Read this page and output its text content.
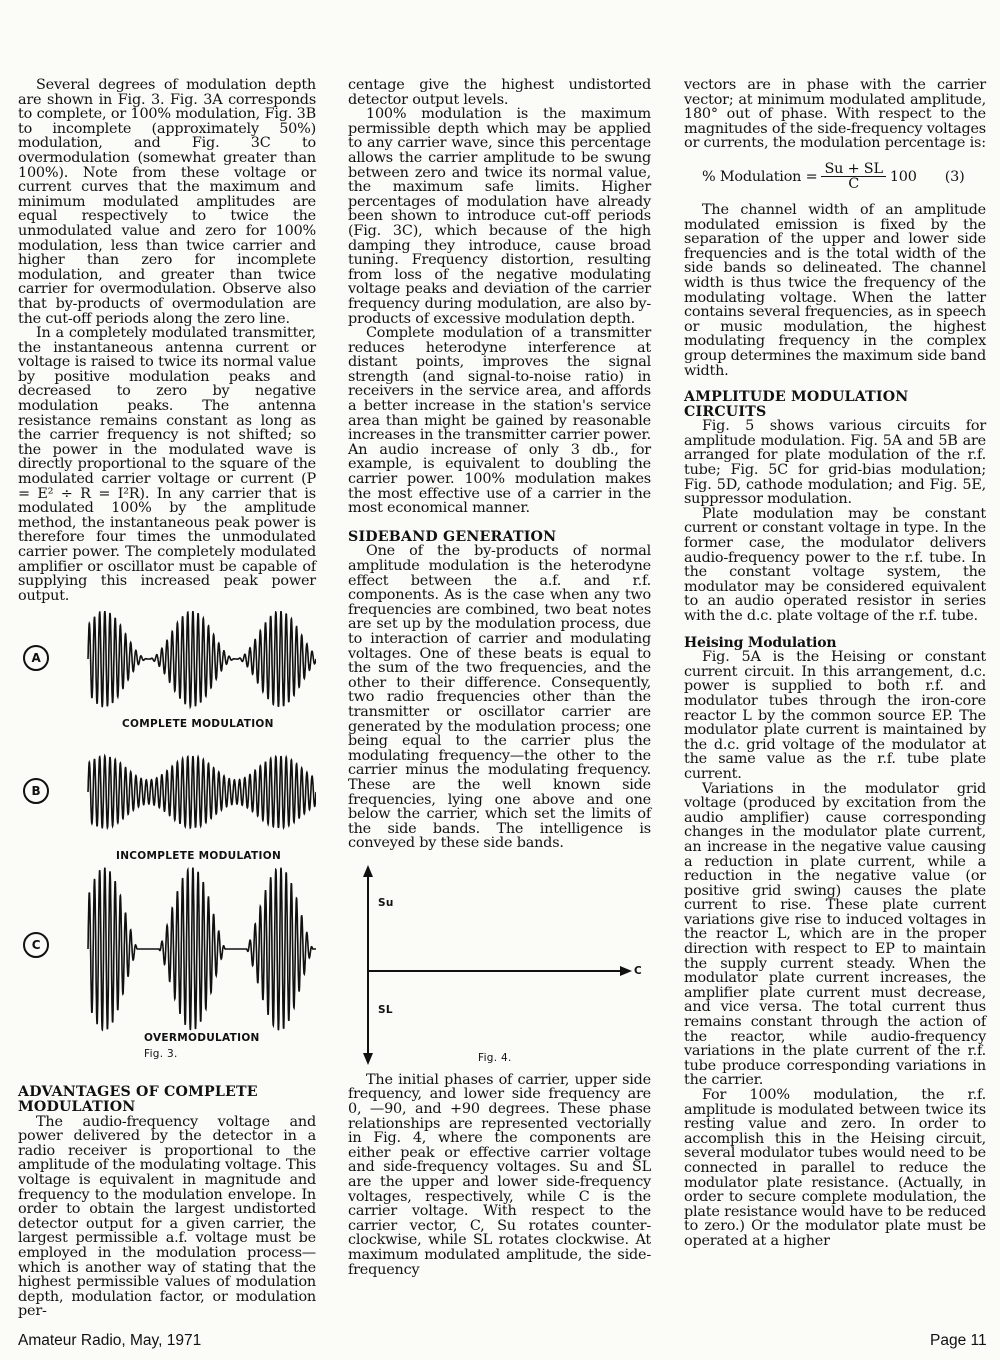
Several degrees of modulation depth are shown in Fig. 3. Fig. 3A corresponds to complete, or 100% modulation, Fig. 3B to incomplete (approximately 50%) modulation, and Fig. 3C to overmodulation (somewhat greater than 100%). Note from these voltage or current curves that the maximum and minimum modulated amplitudes are equal respectively to twice the unmodulated value and zero for 100% modulation, less than twice carrier and higher than zero for incomplete modulation, and greater than twice carrier for overmodulation. Observe also that by-products of overmodulation are the cut-off periods along the zero line.

In a completely modulated transmitter, the instantaneous antenna current or voltage is raised to twice its normal value by positive modulation peaks and decreased to zero by negative modulation peaks. The antenna resistance remains constant as long as the carrier frequency is not shifted; so the power in the modulated wave is directly proportional to the square of the modulated carrier voltage or current (P = E² ÷ R = I²R). In any carrier that is modulated 100% by the amplitude method, the instantaneous peak power is therefore four times the unmodulated carrier power. The completely modulated amplifier or oscillator must be capable of supplying this increased peak power output.

A
COMPLETE MODULATION
B
INCOMPLETE MODULATION
C
OVERMODULATION
Fig. 3.
ADVANTAGES OF COMPLETE MODULATION

The audio-frequency voltage and power delivered by the detector in a radio receiver is proportional to the amplitude of the modulating voltage. This voltage is equivalent in magnitude and frequency to the modulation envelope. In order to obtain the largest undistorted detector output for a given carrier, the largest permissible a.f. voltage must be employed in the modulation process—which is another way of stating that the highest permissible values of modulation depth, modulation factor, or modulation per-

centage give the highest undistorted detector output levels.

100% modulation is the maximum permissible depth which may be applied to any carrier wave, since this percentage allows the carrier amplitude to be swung between zero and twice its normal value, the maximum safe limits. Higher percentages of modulation have already been shown to introduce cut-off periods (Fig. 3C), which because of the high damping they introduce, cause broad tuning. Frequency distortion, resulting from loss of the negative modulating voltage peaks and deviation of the carrier frequency during modulation, are also by-products of excessive modulation depth.

Complete modulation of a transmitter reduces heterodyne interference at distant points, improves the signal strength (and signal-to-noise ratio) in receivers in the service area, and affords a better increase in the station's service area than might be gained by reasonable increases in the transmitter carrier power. An audio increase of only 3 db., for example, is equivalent to doubling the carrier power. 100% modulation makes the most effective use of a carrier in the most economical manner.

SIDEBAND GENERATION

One of the by-products of normal amplitude modulation is the heterodyne effect between the a.f. and r.f. components. As is the case when any two frequencies are combined, two beat notes are set up by the modulation process, due to interaction of carrier and modulating voltages. One of these beats is equal to the sum of the two frequencies, and the other to their difference. Consequently, two radio frequencies other than the transmitter or oscillator carrier are generated by the modulation process; one being equal to the carrier plus the modulating frequency—the other to the carrier minus the modulating frequency. These are the well known side frequencies, lying one above and one below the carrier, which set the limits of the side bands. The intelligence is conveyed by these side bands.

Su
SL
C
Fig. 4.

The initial phases of carrier, upper side frequency, and lower side frequency are 0, —90, and +90 degrees. These phase relationships are represented vectorially in Fig. 4, where the components are either peak or effective carrier voltage and side-frequency voltages. Su and SL are the upper and lower side-frequency voltages, respectively, while C is the carrier voltage. With respect to the carrier vector, C, Su rotates counter-clockwise, while SL rotates clockwise. At maximum modulated amplitude, the side-frequency

vectors are in phase with the carrier vector; at minimum modulated amplitude, 180° out of phase. With respect to the magnitudes of the side-frequency voltages or currents, the modulation percentage is:

% Modulation = $\frac{Su + SL}{C} 100$ (3)

The channel width of an amplitude modulated emission is fixed by the separation of the upper and lower side frequencies and is the total width of the side bands so delineated. The channel width is thus twice the frequency of the modulating voltage. When the latter contains several frequencies, as in speech or music modulation, the highest modulating frequency in the complex group determines the maximum side band width.

AMPLITUDE MODULATION CIRCUITS

Fig. 5 shows various circuits for amplitude modulation. Fig. 5A and 5B are arranged for plate modulation of the r.f. tube; Fig. 5C for grid-bias modulation; Fig. 5D, cathode modulation; and Fig. 5E, suppressor modulation.

Plate modulation may be constant current or constant voltage in type. In the former case, the modulator delivers audio-frequency power to the r.f. tube. In the constant voltage system, the modulator may be considered equivalent to an audio operated resistor in series with the d.c. plate voltage of the r.f. tube.

Heising Modulation

Fig. 5A is the Heising or constant current circuit. In this arrangement, d.c. power is supplied to both r.f. and modulator tubes through the iron-core reactor L by the common source EP. The modulator plate current is maintained by the d.c. grid voltage of the modulator at the same value as the r.f. tube plate current.

Variations in the modulator grid voltage (produced by excitation from the audio amplifier) cause corresponding changes in the modulator plate current, an increase in the negative value causing a reduction in plate current, while a reduction in the negative value (or positive grid swing) causes the plate current to rise. These plate current variations give rise to induced voltages in the reactor L, which are in the proper direction with respect to EP to maintain the supply current steady. When the modulator plate current increases, the amplifier plate current must decrease, and vice versa. The total current thus remains constant through the action of the reactor, while audio-frequency variations in the plate current of the r.f. tube produce corresponding variations in the carrier.

For 100% modulation, the r.f. amplitude is modulated between twice its resting value and zero. In order to accomplish this in the Heising circuit, several modulator tubes would need to be connected in parallel to reduce the modulator plate resistance. (Actually, in order to secure complete modulation, the plate resistance would have to be reduced to zero.) Or the modulator plate must be operated at a higher

Amateur Radio, May, 1971	Page 11
